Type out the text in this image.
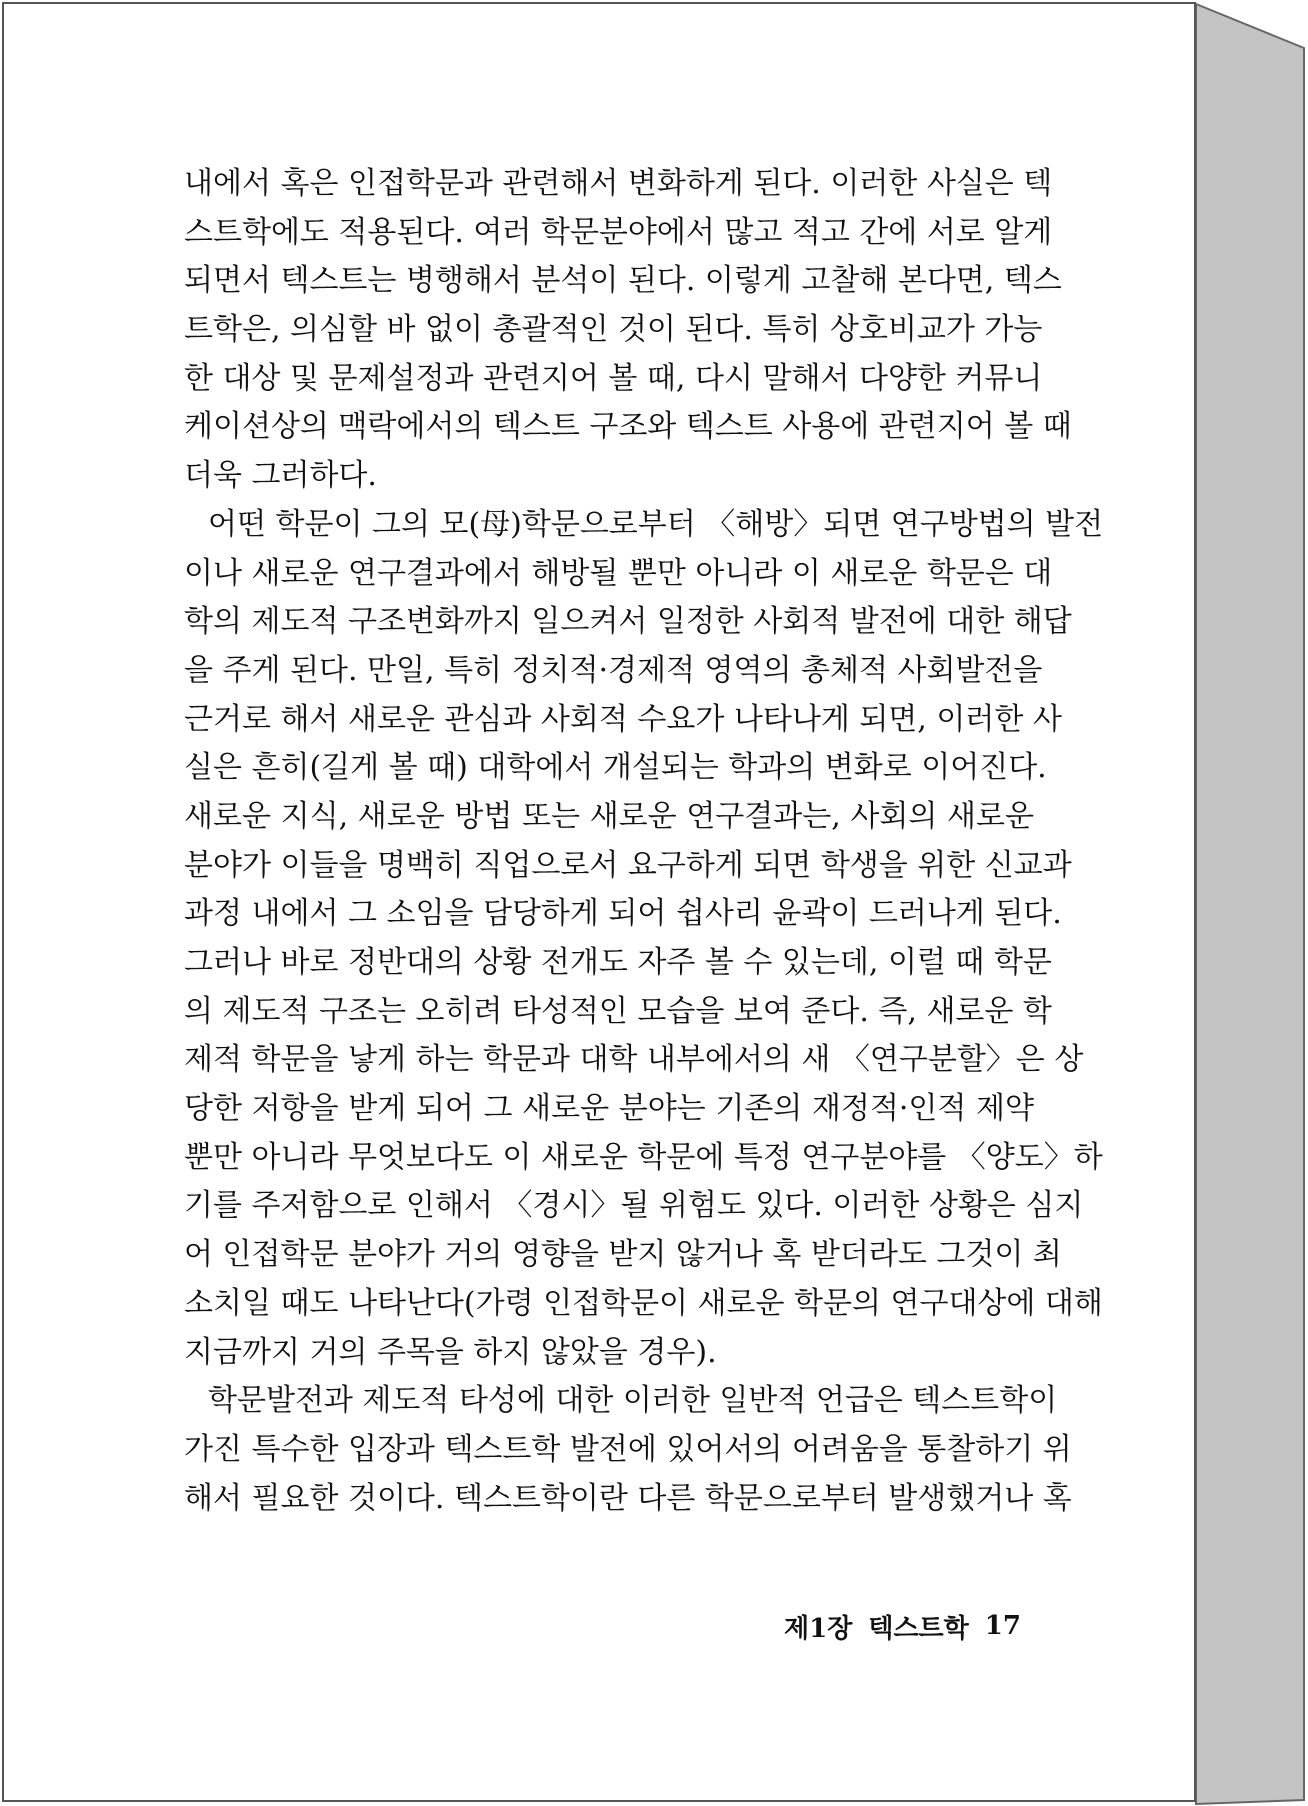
내에서 혹은 인접학문과 관련해서 변화하게 된다. 이러한 사실은 텍
스트학에도 적용된다. 여러 학문분야에서 많고 적고 간에 서로 알게
되면서 텍스트는 병행해서 분석이 된다. 이렇게 고찰해 본다면, 텍스
트학은, 의심할 바 없이 총괄적인 것이 된다. 특히 상호비교가 가능
한 대상 및 문제설정과 관련지어 볼 때, 다시 말해서 다양한 커뮤니
케이션상의 맥락에서의 텍스트 구조와 텍스트 사용에 관련지어 볼 때
더욱 그러하다.
어떤 학문이 그의 모(母)학문으로부터 〈해방〉되면 연구방법의 발전
이나 새로운 연구결과에서 해방될 뿐만 아니라 이 새로운 학문은 대
학의 제도적 구조변화까지 일으켜서 일정한 사회적 발전에 대한 해답
을 주게 된다. 만일, 특히 정치적·경제적 영역의 총체적 사회발전을
근거로 해서 새로운 관심과 사회적 수요가 나타나게 되면, 이러한 사
실은 흔히(길게 볼 때) 대학에서 개설되는 학과의 변화로 이어진다.
새로운 지식, 새로운 방법 또는 새로운 연구결과는, 사회의 새로운
분야가 이들을 명백히 직업으로서 요구하게 되면 학생을 위한 신교과
과정 내에서 그 소임을 담당하게 되어 쉽사리 윤곽이 드러나게 된다.
그러나 바로 정반대의 상황 전개도 자주 볼 수 있는데, 이럴 때 학문
의 제도적 구조는 오히려 타성적인 모습을 보여 준다. 즉, 새로운 학
제적 학문을 낳게 하는 학문과 대학 내부에서의 새 〈연구분할〉은 상
당한 저항을 받게 되어 그 새로운 분야는 기존의 재정적·인적 제약
뿐만 아니라 무엇보다도 이 새로운 학문에 특정 연구분야를 〈양도〉하
기를 주저함으로 인해서 〈경시〉될 위험도 있다. 이러한 상황은 심지
어 인접학문 분야가 거의 영향을 받지 않거나 혹 받더라도 그것이 최
소치일 때도 나타난다(가령 인접학문이 새로운 학문의 연구대상에 대해
지금까지 거의 주목을 하지 않았을 경우).
학문발전과 제도적 타성에 대한 이러한 일반적 언급은 텍스트학이
가진 특수한 입장과 텍스트학 발전에 있어서의 어려움을 통찰하기 위
해서 필요한 것이다. 텍스트학이란 다른 학문으로부터 발생했거나 혹
제1장 텍스트학 17
